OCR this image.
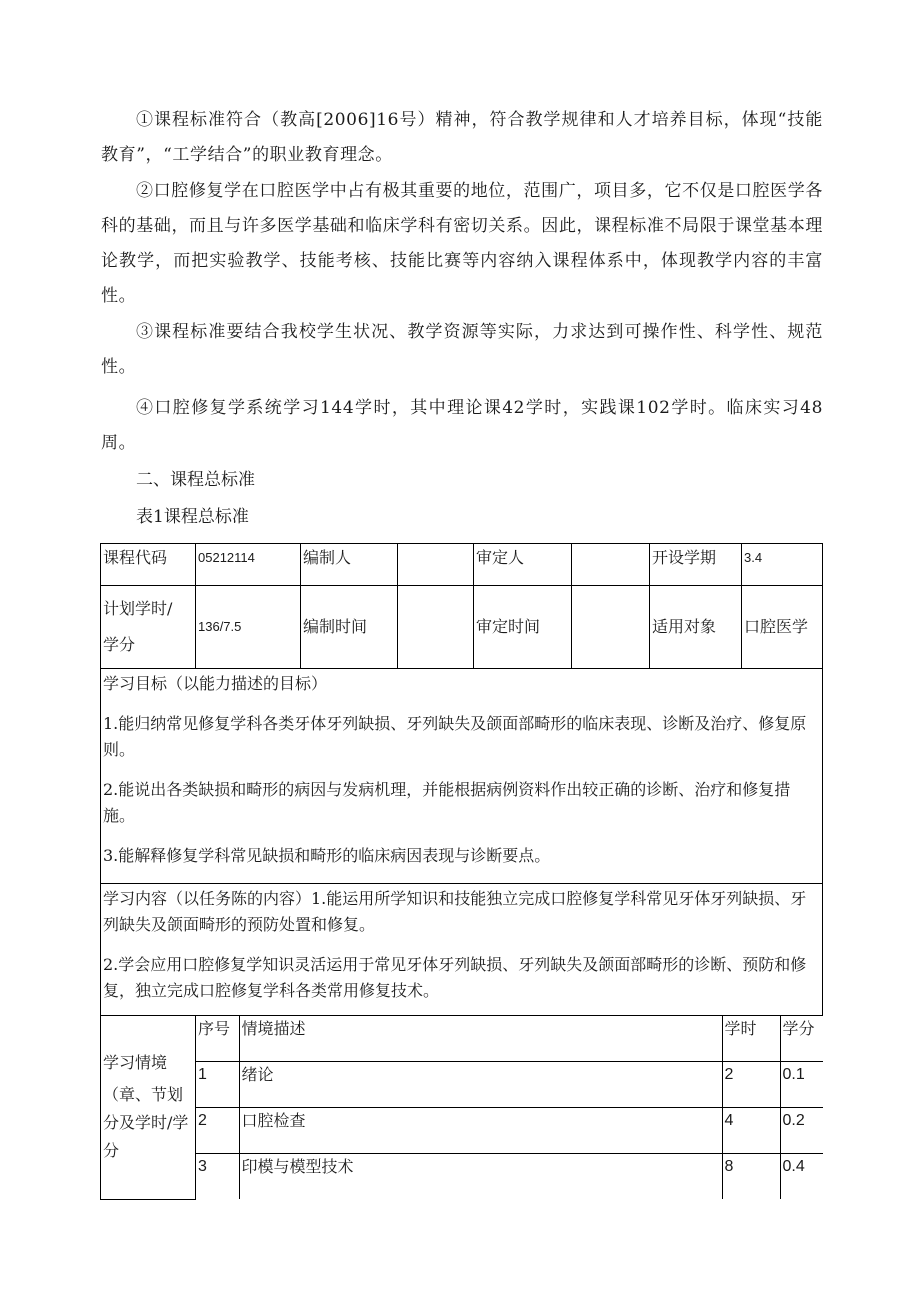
①课程标准符合（教高[2006]16号）精神，符合教学规律和人才培养目标，体现“技能教育”，“工学结合”的职业教育理念。

②口腔修复学在口腔医学中占有极其重要的地位，范围广，项目多，它不仅是口腔医学各科的基础，而且与许多医学基础和临床学科有密切关系。因此，课程标准不局限于课堂基本理论教学，而把实验教学、技能考核、技能比赛等内容纳入课程体系中，体现教学内容的丰富性。

③课程标准要结合我校学生状况、教学资源等实际，力求达到可操作性、科学性、规范性。

④口腔修复学系统学习144学时，其中理论课42学时，实践课102学时。临床实习48周。

二、课程总标准

表1课程总标准

课程代码	05212114	编制人		审定人		开设学期	3.4

计划学时/
学分
	136/7.5	编制时间		审定时间		适用对象	口腔医学

学习目标（以能力描述的目标）

1.能归纳常见修复学科各类牙体牙列缺损、牙列缺失及颌面部畸形的临床表现、诊断及治疗、修复原则。

2.能说出各类缺损和畸形的病因与发病机理，并能根据病例资料作出较正确的诊断、治疗和修复措施。

3.能解释修复学科常见缺损和畸形的临床病因表现与诊断要点。

学习内容（以任务陈的内容）1.能运用所学知识和技能独立完成口腔修复学科常见牙体牙列缺损、牙列缺失及颌面畸形的预防处置和修复。

2.学会应用口腔修复学知识灵活运用于常见牙体牙列缺损、牙列缺失及颌面部畸形的诊断、预防和修复，独立完成口腔修复学科各类常用修复技术。

学习情境
（章、节划分及学时/学分

序号	情境描述	学时	学分
1	绪论	2	0.1
2	口腔检查	4	0.2
3	印模与模型技术	8	0.4
